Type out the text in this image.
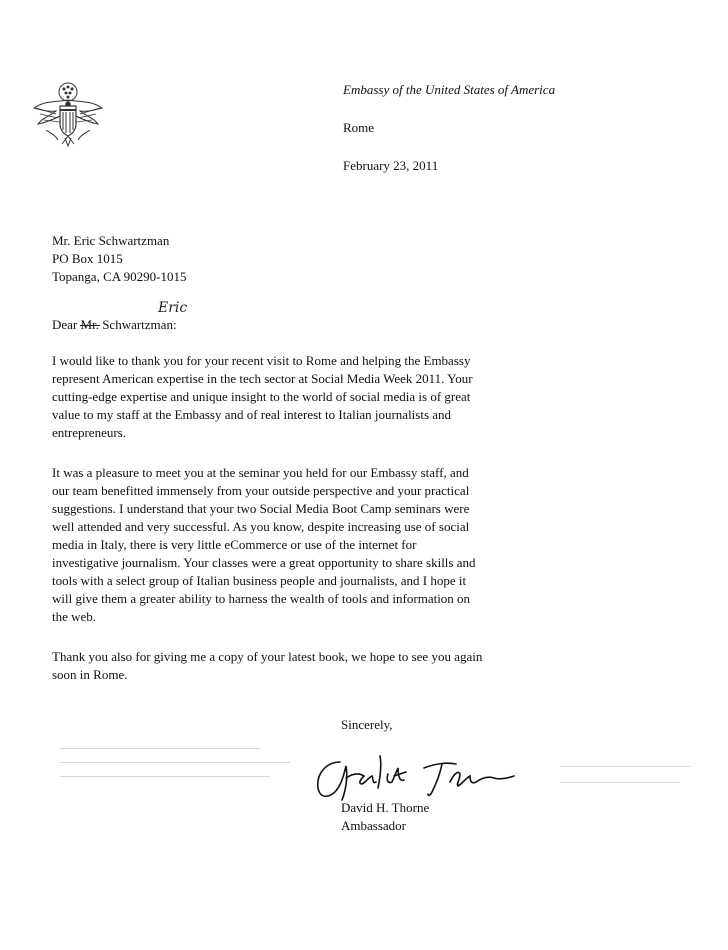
Embassy of the United States of America
Rome
February 23, 2011
Mr. Eric Schwartzman
PO Box 1015
Topanga, CA 90290-1015
Eric
Dear Mr. Schwartzman:

I would like to thank you for your recent visit to Rome and helping the Embassy
represent American expertise in the tech sector at Social Media Week 2011. Your
cutting-edge expertise and unique insight to the world of social media is of great
value to my staff at the Embassy and of real interest to Italian journalists and
entrepreneurs.

It was a pleasure to meet you at the seminar you held for our Embassy staff, and
our team benefitted immensely from your outside perspective and your practical
suggestions. I understand that your two Social Media Boot Camp seminars were
well attended and very successful. As you know, despite increasing use of social
media in Italy, there is very little eCommerce or use of the internet for
investigative journalism. Your classes were a great opportunity to share skills and
tools with a select group of Italian business people and journalists, and I hope it
will give them a greater ability to harness the wealth of tools and information on
the web.

Thank you also for giving me a copy of your latest book, we hope to see you again
soon in Rome.

Sincerely,
David H. Thorne
Ambassador
